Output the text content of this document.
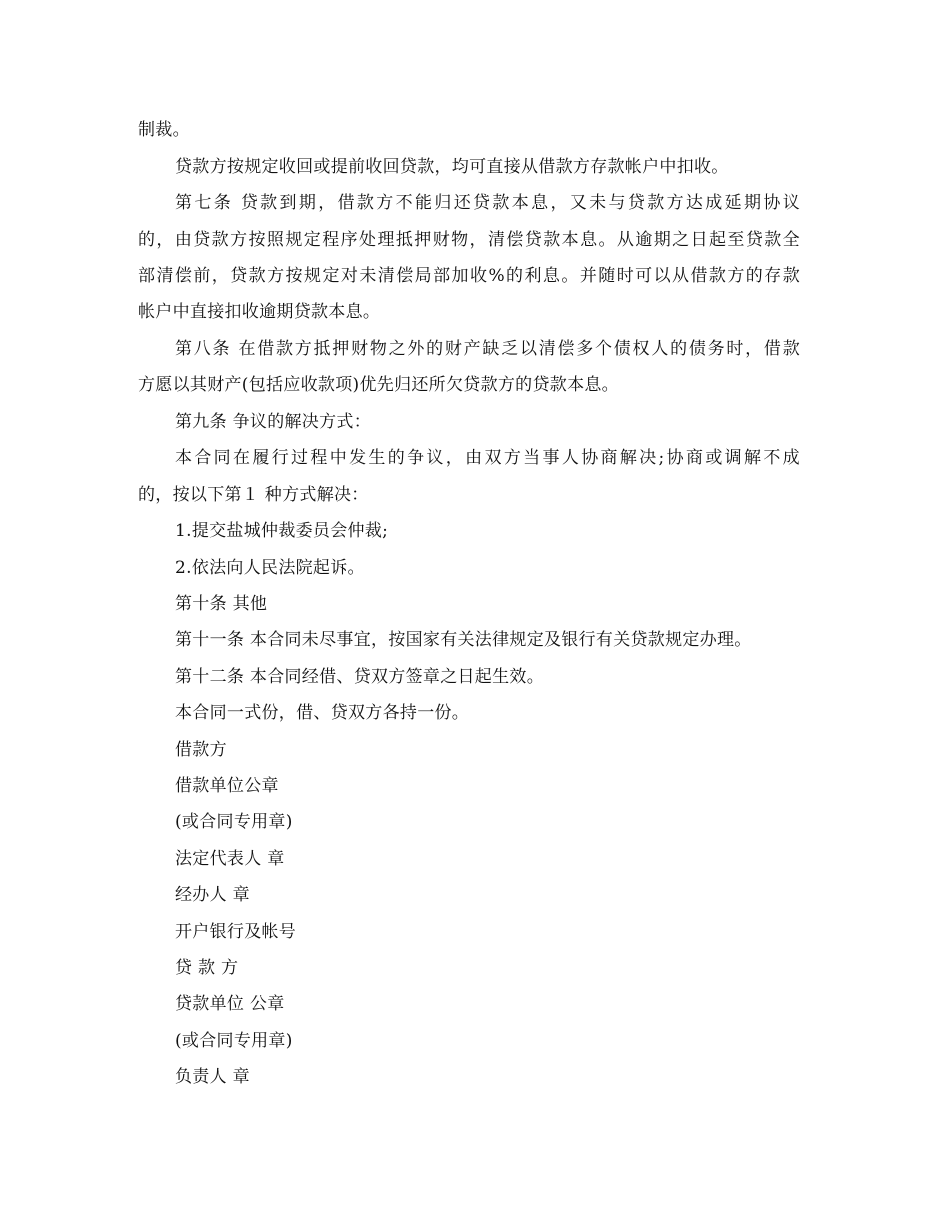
制裁。
贷款方按规定收回或提前收回贷款，均可直接从借款方存款帐户中扣收。
第七条 贷款到期，借款方不能归还贷款本息，又未与贷款方达成延期协议
的，由贷款方按照规定程序处理抵押财物，清偿贷款本息。从逾期之日起至贷款全
部清偿前，贷款方按规定对未清偿局部加收%的利息。并随时可以从借款方的存款
帐户中直接扣收逾期贷款本息。
第八条 在借款方抵押财物之外的财产缺乏以清偿多个债权人的债务时，借款
方愿以其财产(包括应收款项)优先归还所欠贷款方的贷款本息。
第九条 争议的解决方式：
本合同在履行过程中发生的争议，由双方当事人协商解决;协商或调解不成
的，按以下第１ 种方式解决：
1.提交盐城仲裁委员会仲裁;
2.依法向人民法院起诉。
第十条 其他
第十一条 本合同未尽事宜，按国家有关法律规定及银行有关贷款规定办理。
第十二条 本合同经借、贷双方签章之日起生效。
本合同一式份，借、贷双方各持一份。
借款方
借款单位公章
(或合同专用章)
法定代表人 章
经办人 章
开户银行及帐号
贷 款 方
贷款单位 公章
(或合同专用章)
负责人 章
